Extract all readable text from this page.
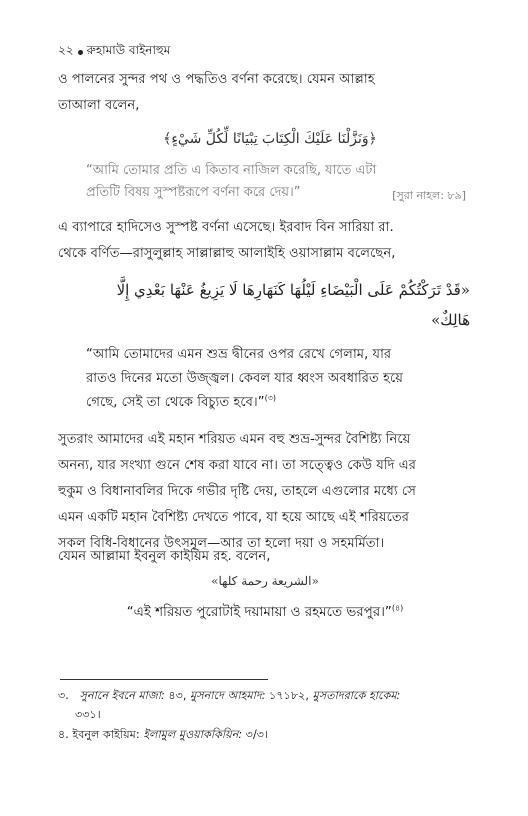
২২ রুহামাউ বাইনাহুম
ও পালনের সুন্দর পথ ও পদ্ধতিও বর্ণনা করেছে। যেমন আল্লাহ
তাআলা বলেন,
﴿وَنَزَّلْنَا عَلَيْكَ الْكِتَابَ تِبْيَانًا لِّكُلِّ شَيْءٍ﴾
“আমি তোমার প্রতি এ কিতাব নাজিল করেছি, যাতে এটা
প্রতিটি বিষয় সুস্পষ্টরূপে বর্ণনা করে দেয়।”	[সুরা নাহল: ৮৯]
এ ব্যাপারে হাদিসেও সুস্পষ্ট বর্ণনা এসেছে। ইরবাদ বিন সারিয়া রা.
থেকে বর্ণিত—রাসুলুল্লাহ সাল্লাল্লাহু আলাইহি ওয়াসাল্লাম বলেছেন,
«قَدْ تَرَكْتُكُمْ عَلَى الْبَيْضَاءِ لَيْلُهَا كَنَهَارِهَا لَا يَزِيغُ عَنْهَا بَعْدِي إِلَّا
هَالِكٌ»
“আমি তোমাদের এমন শুভ্র দ্বীনের ওপর রেখে গেলাম, যার
রাতও দিনের মতো উজ্জ্বল। কেবল যার ধ্বংস অবধারিত হয়ে
গেছে, সেই তা থেকে বিচ্যুত হবে।”$^{(৩)}$
সুতরাং আমাদের এই মহান শরিয়ত এমন বহু শুভ্র-সুন্দর বৈশিষ্ট্য নিয়ে
অনন্য, যার সংখ্যা গুনে শেষ করা যাবে না। তা সত্ত্বেও কেউ যদি এর
হুকুম ও বিধানাবলির দিকে গভীর দৃষ্টি দেয়, তাহলে এগুলোর মধ্যে সে
এমন একটি মহান বৈশিষ্ট্য দেখতে পাবে, যা হয়ে আছে এই শরিয়তের
সকল বিধি-বিধানের উৎসমূল—আর তা হলো দয়া ও সহমর্মিতা।
যেমন আল্লামা ইবনুল কাইয়িম রহ. বলেন,
«الشريعة رحمة كلها»
“এই শরিয়ত পুরোটাই দয়ামায়া ও রহমতে ভরপুর।”$^{(৪)}$
৩. সুনানে ইবনে মাজা: ৪৩, মুসনাদে আহমাদ: ১৭১৮২, মুসতাদরাকে হাকেম:
৩৩১।
৪. ইবনুল কাইয়িম: ইলামুল মুওয়াককিয়িন: ৩/৩।
